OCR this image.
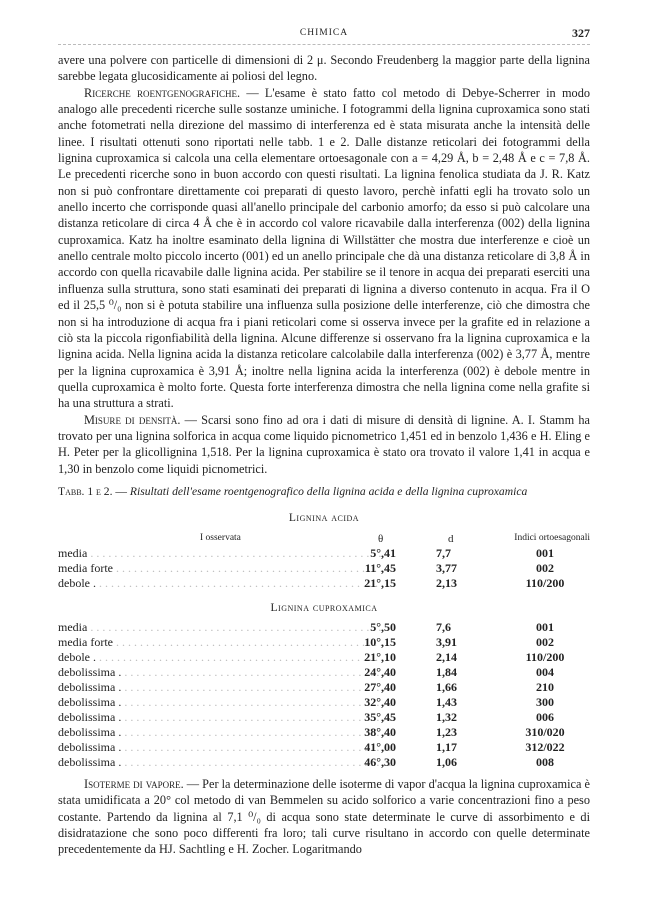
CHIMICA	327

avere una polvere con particelle di dimensioni di 2 μ. Secondo Freudenberg la maggior parte della lignina sarebbe legata glucosidicamente ai poliosi del legno.

Ricerche roentgenografiche. — L'esame è stato fatto col metodo di Debye-Scherrer in modo analogo alle precedenti ricerche sulle sostanze uminiche. I fotogrammi della lignina cuproxamica sono stati anche fotometrati nella direzione del massimo di interferenza ed è stata misurata anche la intensità delle linee. I risultati ottenuti sono riportati nelle tabb. 1 e 2. Dalle distanze reticolari dei fotogrammi della lignina cuproxamica si calcola una cella elementare ortoesagonale con a = 4,29 Å, b = 2,48 Å e c = 7,8 Å. Le precedenti ricerche sono in buon accordo con questi risultati. La lignina fenolica studiata da J. R. Katz non si può confrontare direttamente coi preparati di questo lavoro, perchè infatti egli ha trovato solo un anello incerto che corrisponde quasi all'anello principale del carbonio amorfo; da esso si può calcolare una distanza reticolare di circa 4 Å che è in accordo col valore ricavabile dalla interferenza (002) della lignina cuproxamica. Katz ha inoltre esaminato della lignina di Willstätter che mostra due interferenze e cioè un anello centrale molto piccolo incerto (001) ed un anello principale che dà una distanza reticolare di 3,8 Å in accordo con quella ricavabile dalle lignina acida. Per stabilire se il tenore in acqua dei preparati eserciti una influenza sulla struttura, sono stati esaminati dei preparati di lignina a diverso contenuto in acqua. Fra il O ed il 25,5 ⁰/₀ non si è potuta stabilire una influenza sulla posizione delle interferenze, ciò che dimostra che non si ha introduzione di acqua fra i piani reticolari come si osserva invece per la grafite ed in relazione a ciò sta la piccola rigonfiabilità della lignina. Alcune differenze si osservano fra la lignina cuproxamica e la lignina acida. Nella lignina acida la distanza reticolare calcolabile dalla interferenza (002) è 3,77 Å, mentre per la lignina cuproxamica è 3,91 Å; inoltre nella lignina acida la interferenza (002) è debole mentre in quella cuproxamica è molto forte. Questa forte interferenza dimostra che nella lignina come nella grafite si ha una struttura a strati.

Misure di densità. — Scarsi sono fino ad ora i dati di misure di densità di lignine. A. I. Stamm ha trovato per una lignina solforica in acqua come liquido picnometrico 1,451 ed in benzolo 1,436 e H. Eling e H. Peter per la glicollignina 1,518. Per la lignina cuproxamica è stato ora trovato il valore 1,41 in acqua e 1,30 in benzolo come liquidi picnometrici.

Tabb. 1 e 2. — Risultati dell'esame roentgenografico della lignina acida e della lignina cuproxamica
Lignina acida
I osservata	θ	d	Indici ortoesagonali
media . . .	5°,41	7,7	001
media forte . . .	11°,45	3,77	002
debole . . . .	21°,15	2,13	110/200
Lignina cuproxamica
media . . .	5°,50	7,6	001
media forte . . .	10°,15	3,91	002
debole . . . .	21°,10	2,14	110/200
debolissima . . . .	24°,40	1,84	004
debolissima . . . .	27°,40	1,66	210
debolissima . . . .	32°,40	1,43	300
debolissima . . . .	35°,45	1,32	006
debolissima . . . .	38°,40	1,23	310/020
debolissima . . . .	41°,00	1,17	312/022
debolissima . . . .	46°,30	1,06	008

Isoterme di vapore. — Per la determinazione delle isoterme di vapor d'acqua la lignina cuproxamica è stata umidificata a 20° col metodo di van Bemmelen su acido solforico a varie concentrazioni fino a peso costante. Partendo da lignina al 7,1 ⁰/₀ di acqua sono state determinate le curve di assorbimento e di disidratazione che sono poco differenti fra loro; tali curve risultano in accordo con quelle determinate precedentemente da HJ. Sachtling e H. Zocher. Logaritmando
